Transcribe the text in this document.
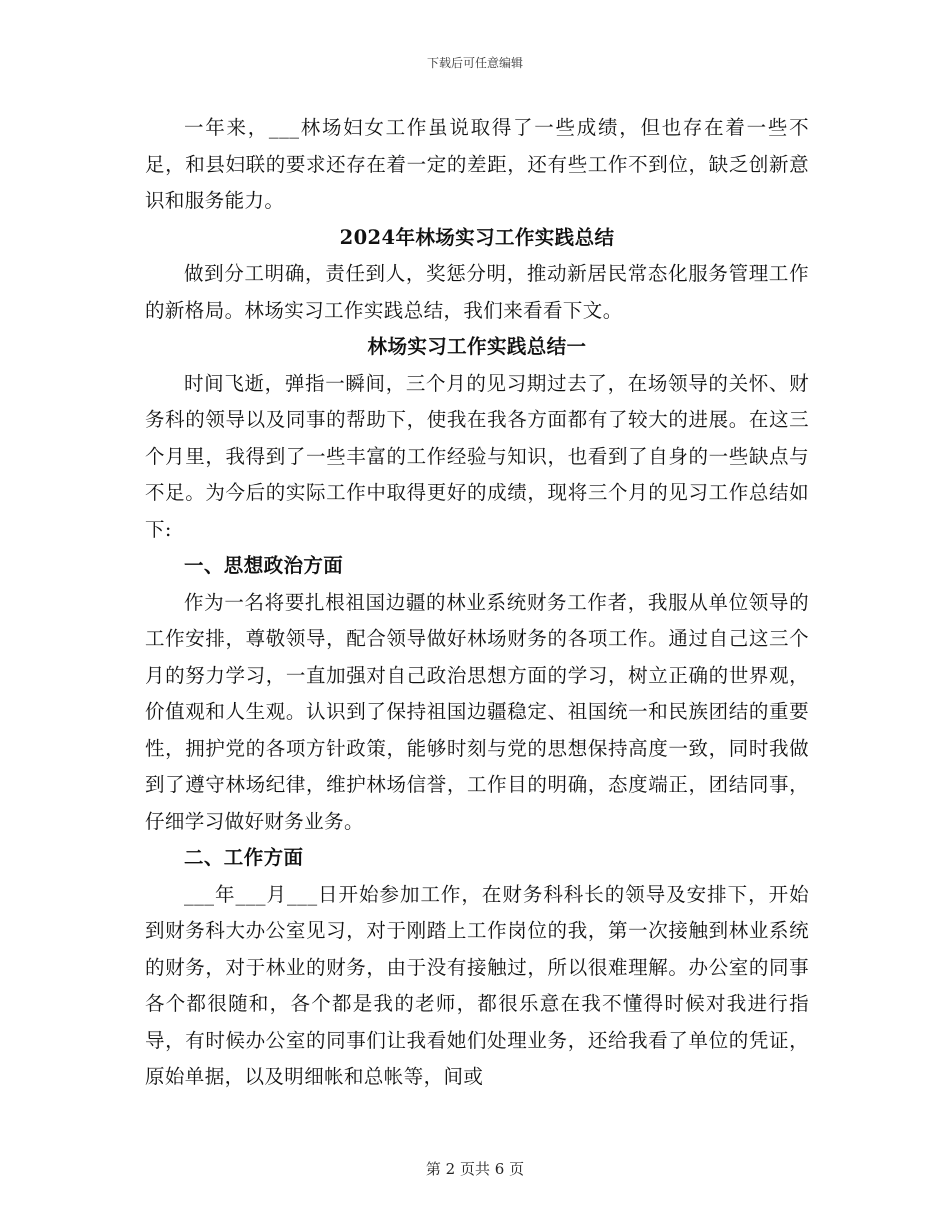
下载后可任意编辑

一年来，___林场妇女工作虽说取得了一些成绩，但也存在着一些不足，和县妇联的要求还存在着一定的差距，还有些工作不到位，缺乏创新意识和服务能力。

2024年林场实习工作实践总结

做到分工明确，责任到人，奖惩分明，推动新居民常态化服务管理工作的新格局。林场实习工作实践总结，我们来看看下文。

林场实习工作实践总结一

时间飞逝，弹指一瞬间，三个月的见习期过去了，在场领导的关怀、财务科的领导以及同事的帮助下，使我在我各方面都有了较大的进展。在这三个月里，我得到了一些丰富的工作经验与知识，也看到了自身的一些缺点与不足。为今后的实际工作中取得更好的成绩，现将三个月的见习工作总结如下:

一、思想政治方面

作为一名将要扎根祖国边疆的林业系统财务工作者，我服从单位领导的工作安排，尊敬领导，配合领导做好林场财务的各项工作。通过自己这三个月的努力学习，一直加强对自己政治思想方面的学习，树立正确的世界观，价值观和人生观。认识到了保持祖国边疆稳定、祖国统一和民族团结的重要性，拥护党的各项方针政策，能够时刻与党的思想保持高度一致，同时我做到了遵守林场纪律，维护林场信誉，工作目的明确，态度端正，团结同事，仔细学习做好财务业务。

二、工作方面

___年___月___日开始参加工作，在财务科科长的领导及安排下，开始到财务科大办公室见习，对于刚踏上工作岗位的我，第一次接触到林业系统的财务，对于林业的财务，由于没有接触过，所以很难理解。办公室的同事各个都很随和，各个都是我的老师，都很乐意在我不懂得时候对我进行指导，有时候办公室的同事们让我看她们处理业务，还给我看了单位的凭证，原始单据，以及明细帐和总帐等，间或

第 2 页共 6 页
